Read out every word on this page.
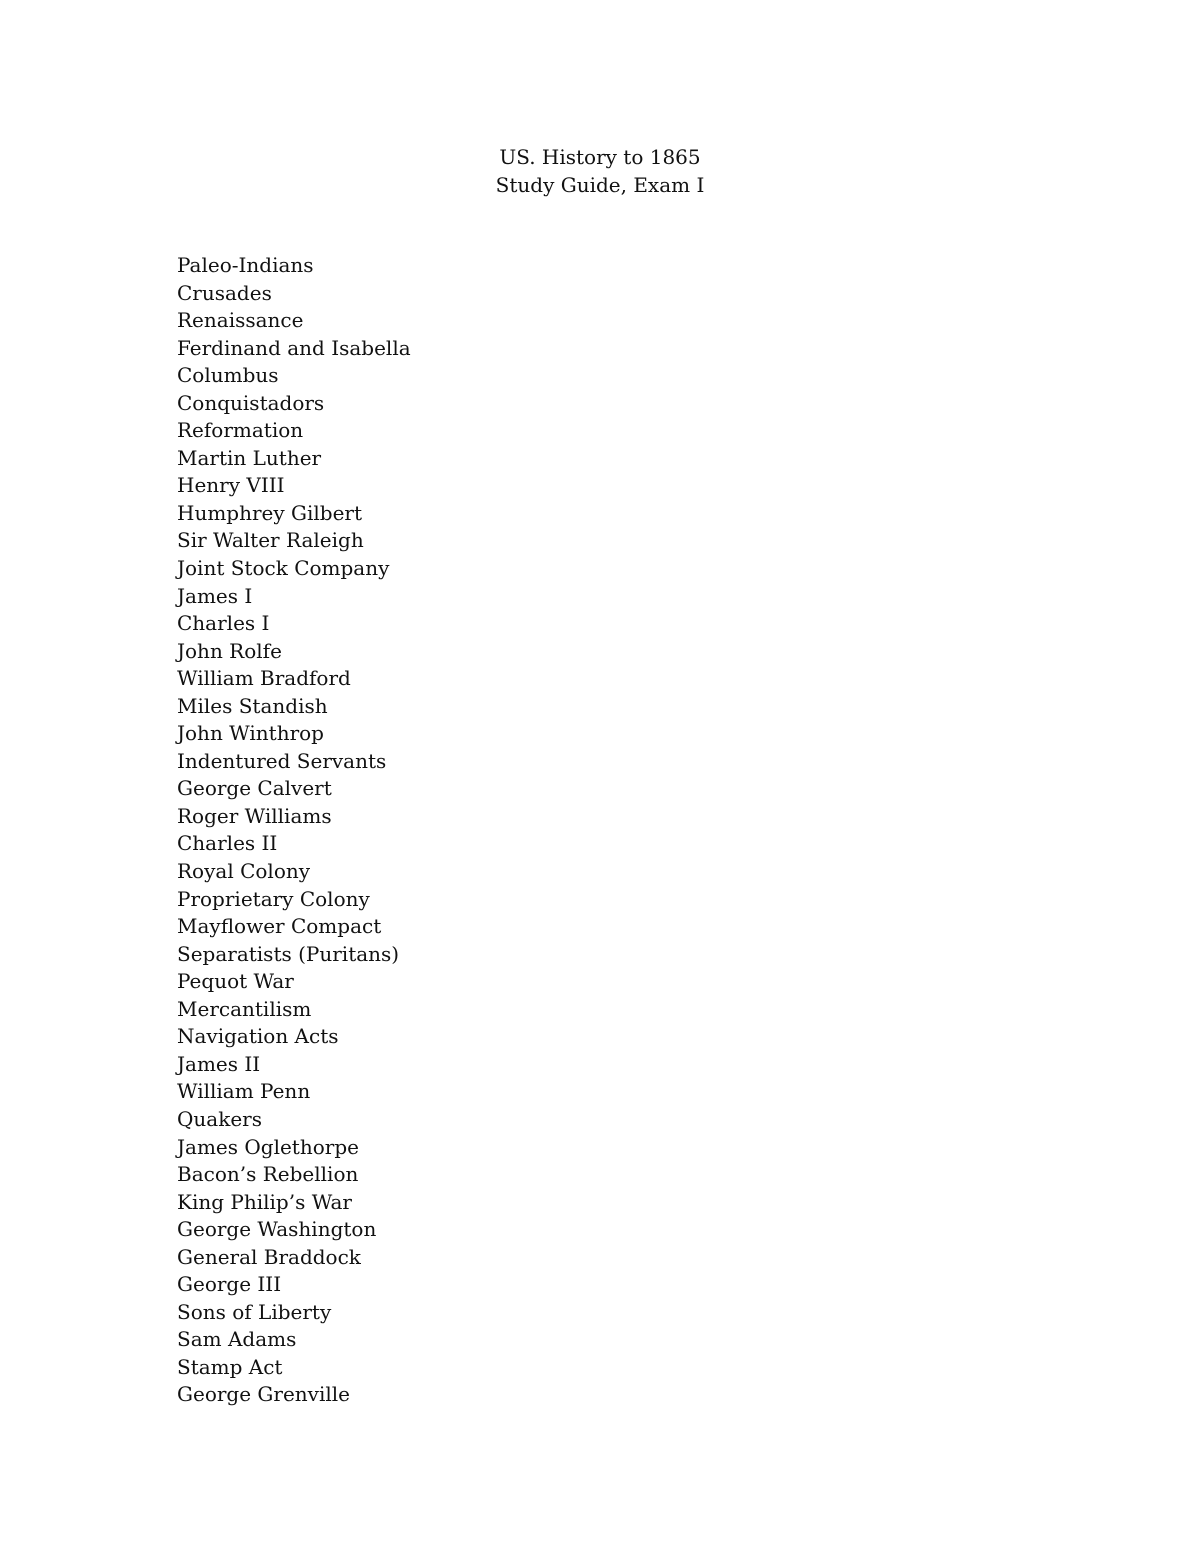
US. History to 1865
Study Guide, Exam I
Paleo-Indians
Crusades
Renaissance
Ferdinand and Isabella
Columbus
Conquistadors
Reformation
Martin Luther
Henry VIII
Humphrey Gilbert
Sir Walter Raleigh
Joint Stock Company
James I
Charles I
John Rolfe
William Bradford
Miles Standish
John Winthrop
Indentured Servants
George Calvert
Roger Williams
Charles II
Royal Colony
Proprietary Colony
Mayflower Compact
Separatists (Puritans)
Pequot War
Mercantilism
Navigation Acts
James II
William Penn
Quakers
James Oglethorpe
Bacon’s Rebellion
King Philip’s War
George Washington
General Braddock
George III
Sons of Liberty
Sam Adams
Stamp Act
George Grenville
